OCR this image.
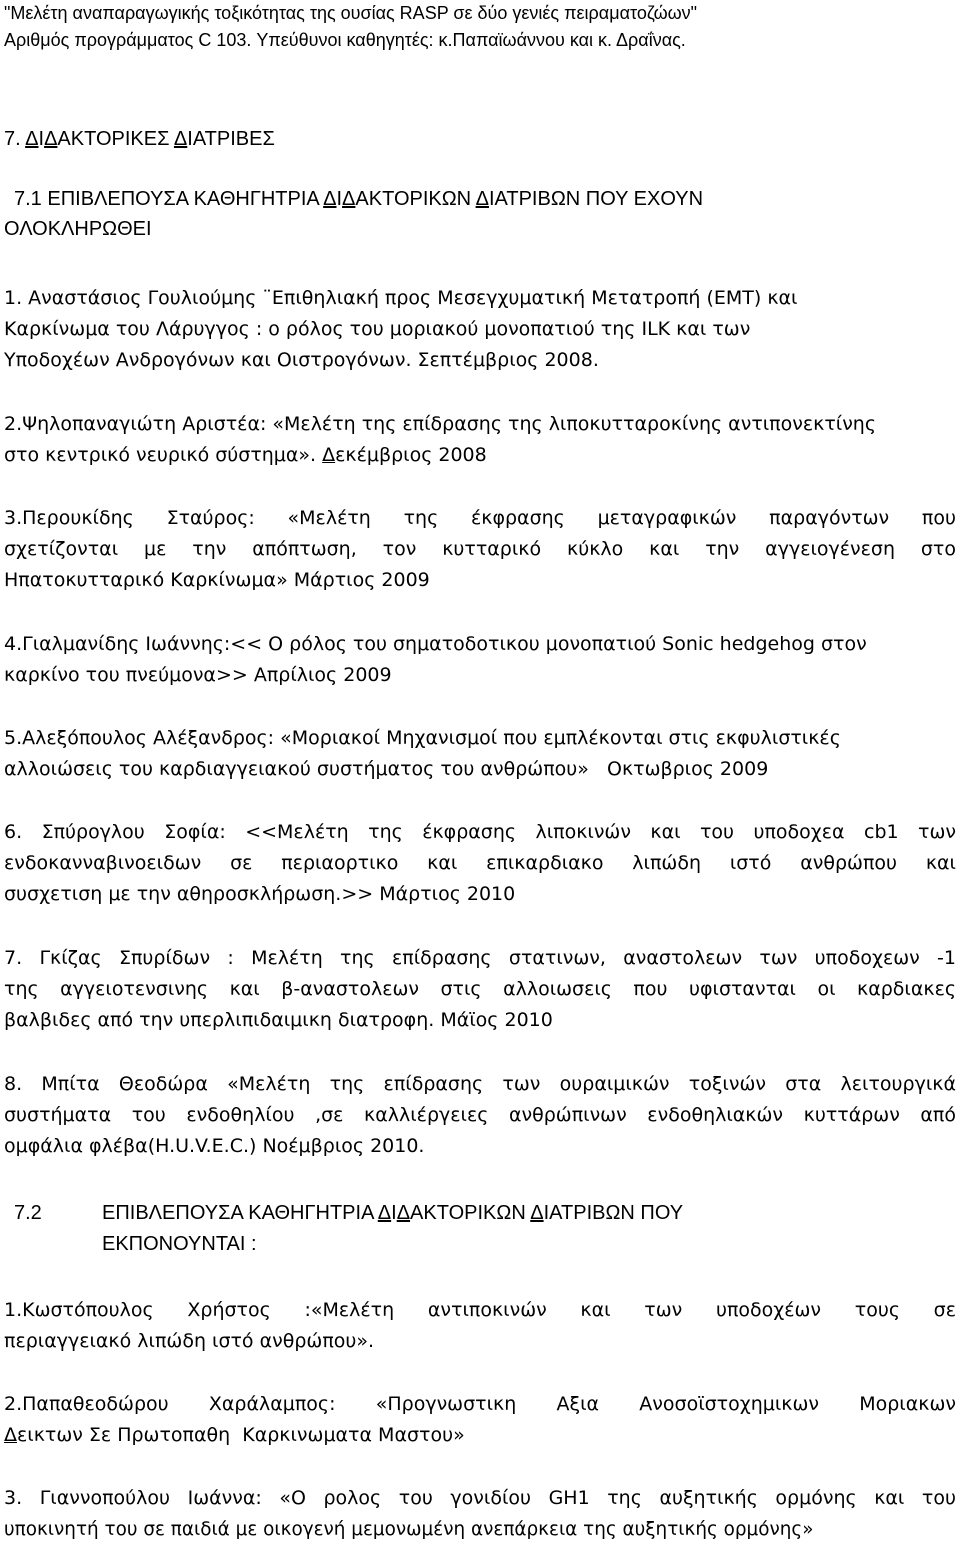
"Μελέτη αναπαραγωγικής τοξικότητας της ουσίας RASP σε δύο γενιές πειραματοζώων"
Αριθμός προγράμματος C 103. Υπεύθυνοι καθηγητές: κ.Παπαϊωάννου και κ. Δραΐνας.
7. ΔΙΔΑΚΤΟΡΙΚΕΣ ΔΙΑΤΡΙΒΕΣ
7.1 ΕΠΙΒΛΕΠΟΥΣΑ ΚΑΘΗΓΗΤΡΙΑ ΔΙΔΑΚΤΟΡΙΚΩΝ ΔΙΑΤΡΙΒΩΝ ΠΟΥ ΕΧΟΥΝ
ΟΛΟΚΛΗΡΩΘΕΙ
1. Αναστάσιος Γουλιούμης ¨Επιθηλιακή προς Μεσεγχυματική Μετατροπή (ΕΜΤ) και
Καρκίνωμα του Λάρυγγος : ο ρόλος του μοριακού μονοπατιού της ILK και των
Υποδοχέων Ανδρογόνων και Οιστρογόνων. Σεπτέμβριος 2008.
2.Ψηλοπαναγιώτη Αριστέα: «Μελέτη της επίδρασης της λιποκυτταροκίνης αντιπονεκτίνης
στο κεντρικό νευρικό σύστημα». Δεκέμβριος 2008
3.Περουκίδης Σταύρος: «Μελέτη της έκφρασης μεταγραφικών παραγόντων που
σχετίζονται με την απόπτωση, τον κυτταρικό κύκλο και την αγγειογένεση στο
Ηπατοκυτταρικό Καρκίνωμα» Μάρτιος 2009
4.Γιαλμανίδης Ιωάννης:<< Ο ρόλος του σηματοδοτικου μονοπατιού Sonic hedgehog στον
καρκίνο του πνεύμονα>> Απρίλιος 2009
5.Αλεξόπουλος Αλέξανδρος: «Μοριακοί Μηχανισμοί που εμπλέκονται στις εκφυλιστικές
αλλοιώσεις του καρδιαγγειακού συστήματος του ανθρώπου»   Οκτωβριος 2009
6. Σπύρογλου Σοφία: <<Μελέτη της έκφρασης λιποκινών και του υποδοχεα cb1 των
ενδοκανναβινοειδων σε περιαορτικο και επικαρδιακο λιπώδη ιστό ανθρώπου και
συσχετιση με την αθηροσκλήρωση.>> Μάρτιος 2010
7. Γκίζας Σπυρίδων : Μελέτη της επίδρασης στατινων, αναστολεων των υποδοχεων -1
της αγγειοτενσινης και β-αναστολεων στις αλλοιωσεις που υφιστανται οι καρδιακες
βαλβιδες από την υπερλιπιδαιμικη διατροφη. Μάϊος 2010
8. Μπίτα Θεοδώρα «Μελέτη της επίδρασης των ουραιμικών τοξινών στα λειτουργικά
συστήματα του ενδοθηλίου ,σε καλλιέργειες ανθρώπινων ενδοθηλιακών κυττάρων από
ομφάλια φλέβα(H.U.V.E.C.) Νοέμβριος 2010.
7.2	ΕΠΙΒΛΕΠΟΥΣΑ ΚΑΘΗΓΗΤΡΙΑ ΔΙΔΑΚΤΟΡΙΚΩΝ ΔΙΑΤΡΙΒΩΝ ΠΟΥ
ΕΚΠΟΝΟΥΝΤΑΙ :
1.Κωστόπουλος Χρήστος :«Μελέτη αντιποκινών και των υποδοχέων τους σε
περιαγγειακό λιπώδη ιστό ανθρώπου».
2.Παπαθεοδώρου Χαράλαμπος: «Προγνωστικη Αξια Ανοσοϊστοχημικων Μοριακων
Δεικτων Σε Πρωτοπαθη  Καρκινωματα Μαστου»
3. Γιαννοπούλου Ιωάννα: «Ο ρολος του γονιδίου GH1 της αυξητικής ορμόνης και του
υποκινητή του σε παιδιά με οικογενή μεμονωμένη ανεπάρκεια της αυξητικής ορμόνης»
